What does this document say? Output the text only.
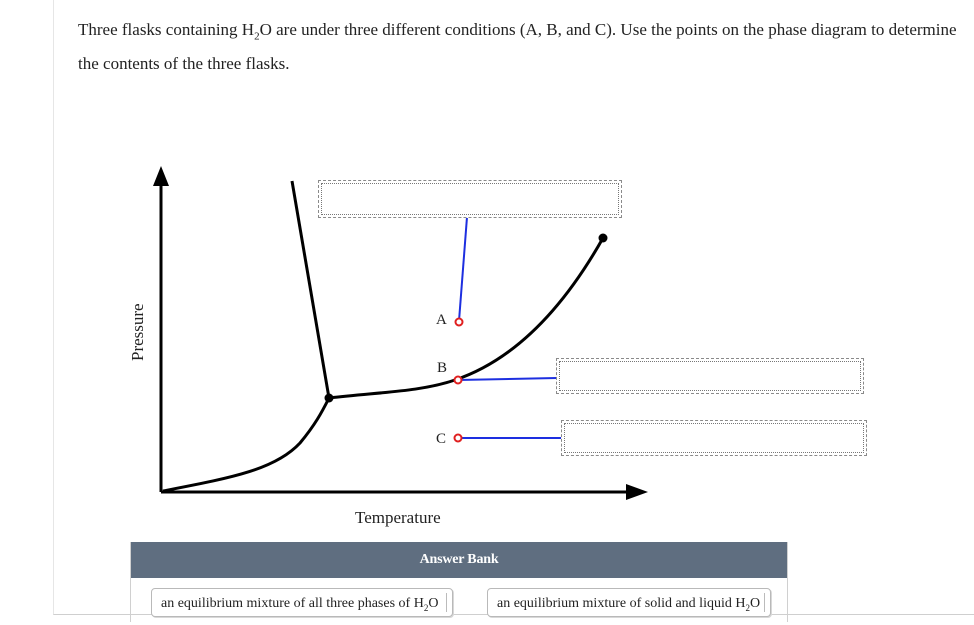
Three flasks containing $H_2O$ are under three different conditions (A, B, and C). Use the points on the phase diagram to determine the contents of the three flasks.
A
B
C
Temperature
Pressure
Answer Bank
an equilibrium mixture of all three phases of $H_2O$	an equilibrium mixture of solid and liquid $H_2O$
